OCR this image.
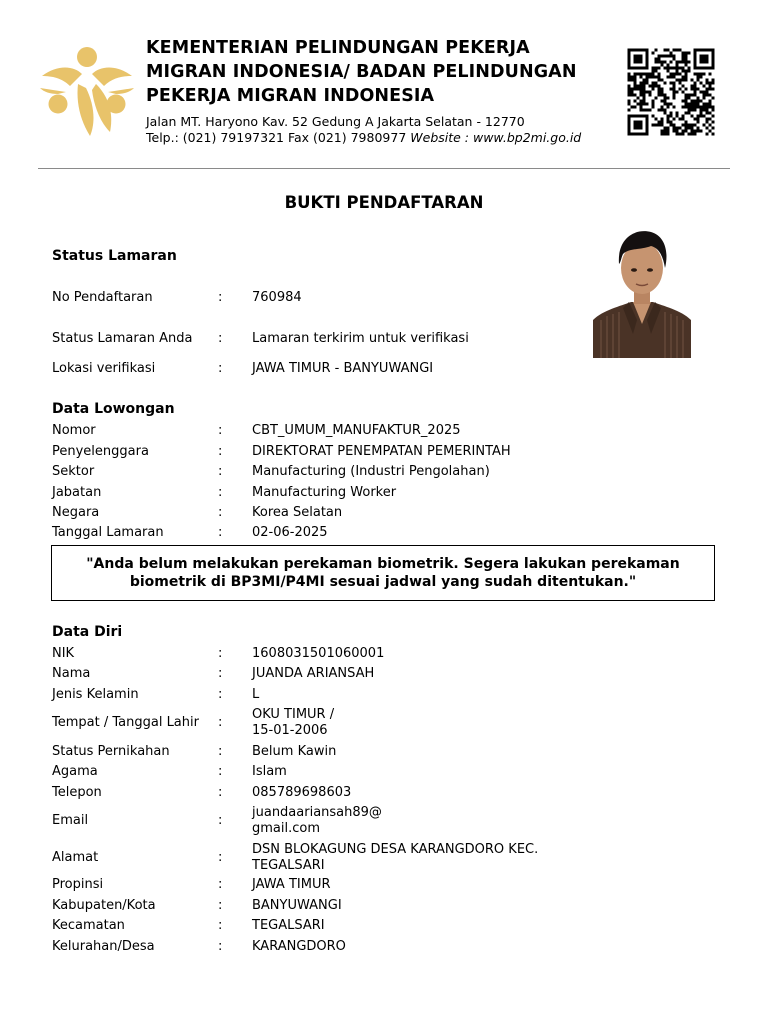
KEMENTERIAN PELINDUNGAN PEKERJA
MIGRAN INDONESIA/ BADAN PELINDUNGAN
PEKERJA MIGRAN INDONESIA
Jalan MT. Haryono Kav. 52 Gedung A Jakarta Selatan - 12770
Telp.: (021) 79197321 Fax (021) 7980977 Website : www.bp2mi.go.id
BUKTI PENDAFTARAN
Status Lamaran
No Pendaftaran	: 760984
Status Lamaran Anda : Lamaran terkirim untuk verifikasi
Lokasi verifikasi	: JAWA TIMUR - BANYUWANGI
Data Lowongan
Nomor	: CBT_UMUM_MANUFAKTUR_2025
Penyelenggara	: DIREKTORAT PENEMPATAN PEMERINTAH
Sektor	: Manufacturing (Industri Pengolahan)
Jabatan	: Manufacturing Worker
Negara	: Korea Selatan
Tanggal Lamaran	: 02-06-2025
"Anda belum melakukan perekaman biometrik. Segera lakukan perekaman biometrik di BP3MI/P4MI sesuai jadwal yang sudah ditentukan."
Data Diri
NIK	: 1608031501060001
Nama	: JUANDA ARIANSAH
Jenis Kelamin	: L
Tempat / Tanggal Lahir :
OKU TIMUR /
15-01-2006
Status Pernikahan	: Belum Kawin
Agama	: Islam
Telepon	: 085789698603
Email	:
juandaariansah89@
gmail.com
Alamat	:
DSN BLOKAGUNG DESA KARANGDORO KEC.
TEGALSARI
Propinsi	: JAWA TIMUR
Kabupaten/Kota	: BANYUWANGI
Kecamatan	: TEGALSARI
Kelurahan/Desa	: KARANGDORO
